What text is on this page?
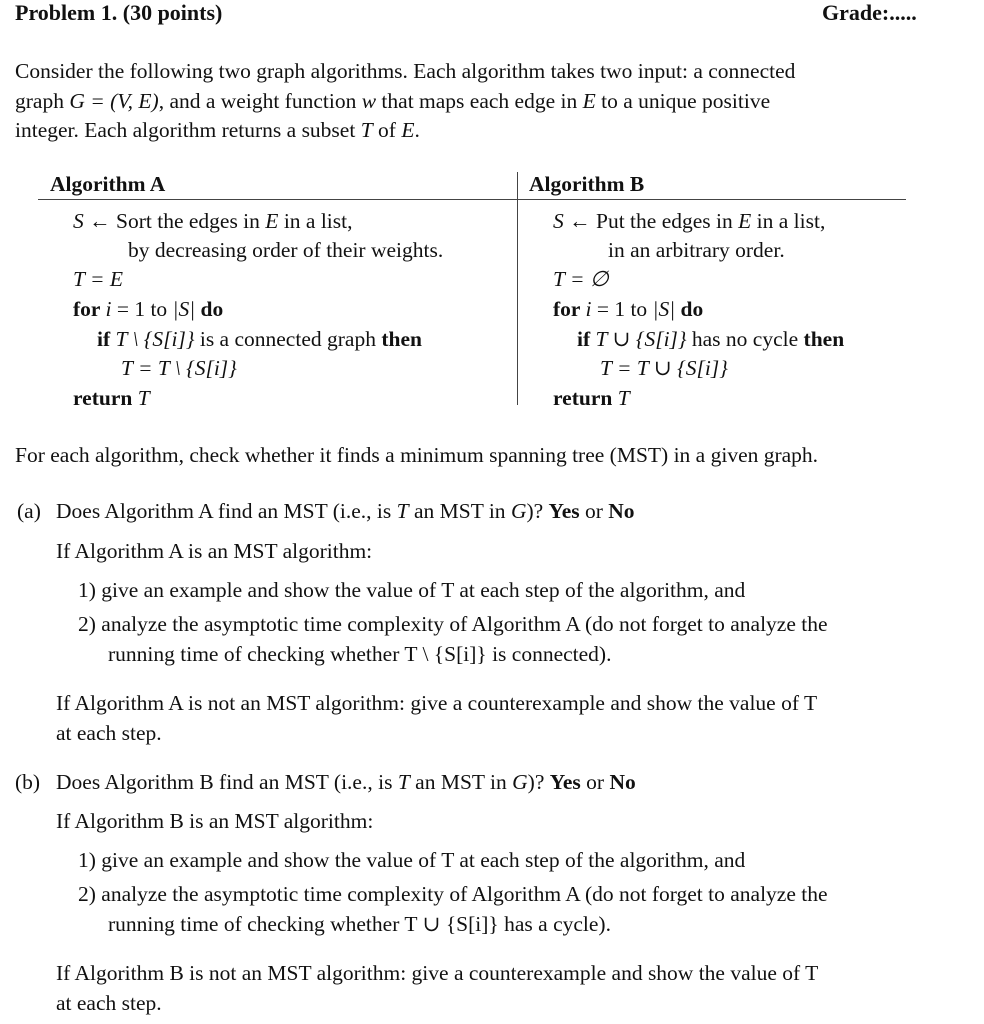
Problem 1. (30 points)	Grade:.....
Consider the following two graph algorithms. Each algorithm takes two input: a connected
graph G = (V, E), and a weight function w that maps each edge in E to a unique positive
integer. Each algorithm returns a subset T of E.
Algorithm A
S ← Sort the edges in E in a list,
by decreasing order of their weights.
T = E
for i = 1 to |S| do
if T \ {S[i]} is a connected graph then
T = T \ {S[i]}
return T
Algorithm B
S ← Put the edges in E in a list,
in an arbitrary order.
T = ∅
for i = 1 to |S| do
if T ∪ {S[i]} has no cycle then
T = T ∪ {S[i]}
return T
For each algorithm, check whether it finds a minimum spanning tree (MST) in a given graph.
(a) Does Algorithm A find an MST (i.e., is T an MST in G)? Yes or No
If Algorithm A is an MST algorithm:
1) give an example and show the value of T at each step of the algorithm, and
2) analyze the asymptotic time complexity of Algorithm A (do not forget to analyze the
running time of checking whether T \ {S[i]} is connected).
If Algorithm A is not an MST algorithm: give a counterexample and show the value of T
at each step.
(b) Does Algorithm B find an MST (i.e., is T an MST in G)? Yes or No
If Algorithm B is an MST algorithm:
1) give an example and show the value of T at each step of the algorithm, and
2) analyze the asymptotic time complexity of Algorithm A (do not forget to analyze the
running time of checking whether T ∪ {S[i]} has a cycle).
If Algorithm B is not an MST algorithm: give a counterexample and show the value of T
at each step.
